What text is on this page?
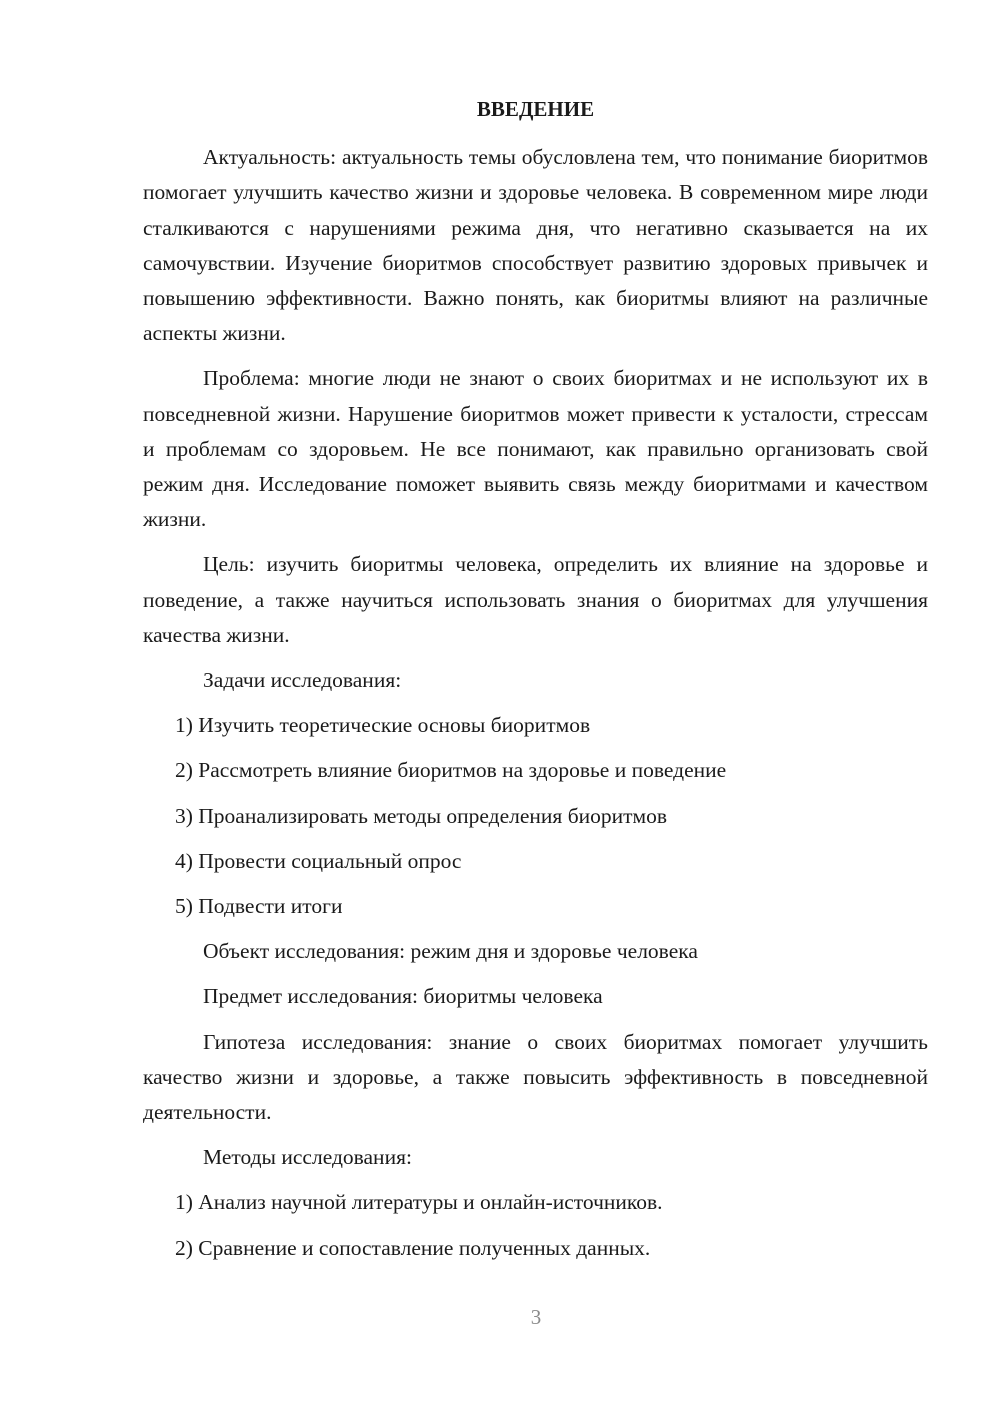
ВВЕДЕНИЕ
Актуальность: актуальность темы обусловлена тем, что понимание биоритмов помогает улучшить качество жизни и здоровье человека. В современном мире люди сталкиваются с нарушениями режима дня, что негативно сказывается на их самочувствии. Изучение биоритмов способствует развитию здоровых привычек и повышению эффективности. Важно понять, как биоритмы влияют на различные аспекты жизни.
Проблема: многие люди не знают о своих биоритмах и не используют их в повседневной жизни. Нарушение биоритмов может привести к усталости, стрессам и проблемам со здоровьем. Не все понимают, как правильно организовать свой режим дня. Исследование поможет выявить связь между биоритмами и качеством жизни.
Цель: изучить биоритмы человека, определить их влияние на здоровье и поведение, а также научиться использовать знания о биоритмах для улучшения качества жизни.
Задачи исследования:
1) Изучить теоретические основы биоритмов
2) Рассмотреть влияние биоритмов на здоровье и поведение
3) Проанализировать методы определения биоритмов
4) Провести социальный опрос
5) Подвести итоги
Объект исследования: режим дня и здоровье человека
Предмет исследования: биоритмы человека
Гипотеза исследования: знание о своих биоритмах помогает улучшить качество жизни и здоровье, а также повысить эффективность в повседневной деятельности.
Методы исследования:
1) Анализ научной литературы и онлайн-источников.
2) Сравнение и сопоставление полученных данных.
3
